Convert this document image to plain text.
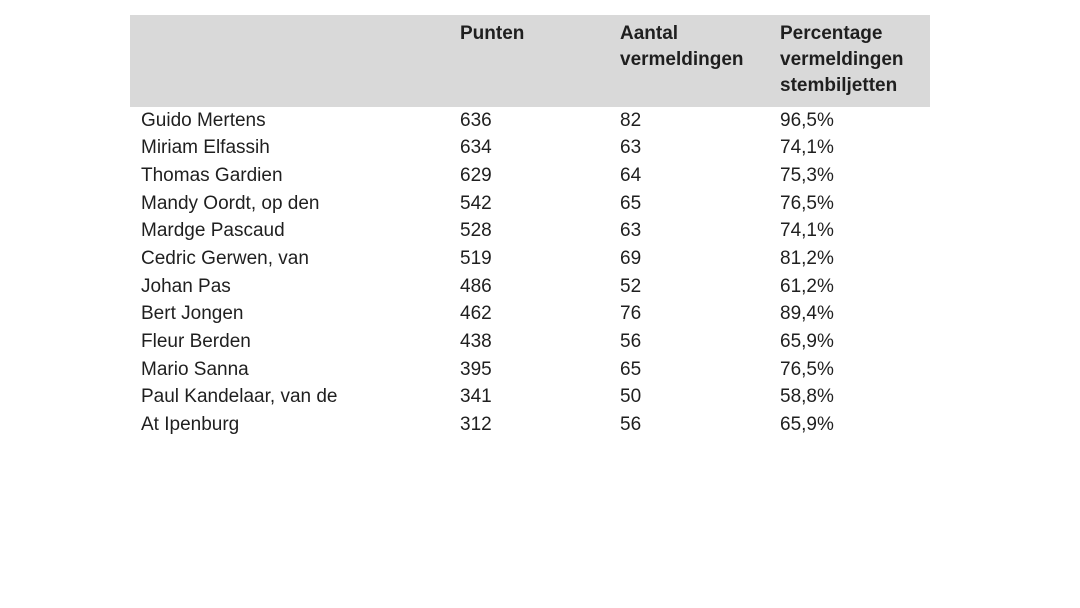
	Punten	Aantal vermeldingen	Percentage vermeldingen stembiljetten
Guido Mertens	636	82	96,5%
Miriam Elfassih	634	63	74,1%
Thomas Gardien	629	64	75,3%
Mandy Oordt, op den	542	65	76,5%
Mardge Pascaud	528	63	74,1%
Cedric Gerwen, van	519	69	81,2%
Johan Pas	486	52	61,2%
Bert Jongen	462	76	89,4%
Fleur Berden	438	56	65,9%
Mario Sanna	395	65	76,5%
Paul Kandelaar, van de	341	50	58,8%
At Ipenburg	312	56	65,9%
